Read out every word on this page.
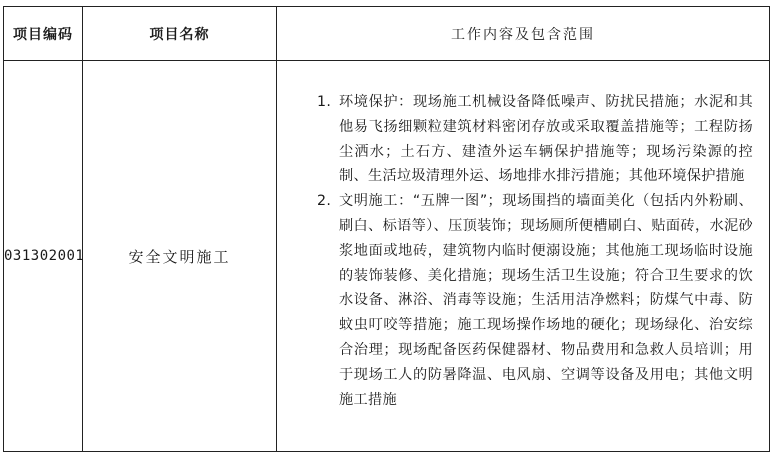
项目编码	项目名称	工作内容及包含范围
031302001	安全文明施工	1. 环境保护：现场施工机械设备降低噪声、防扰民措施；水泥和其他易飞扬细颗粒建筑材料密闭存放或采取覆盖措施等；工程防扬尘洒水；土石方、建渣外运车辆保护措施等；现场污染源的控制、生活垃圾清理外运、场地排水排污措施；其他环境保护措施

2. 文明施工：“五牌一图”；现场围挡的墙面美化（包括内外粉刷、刷白、标语等）、压顶装饰；现场厕所便槽刷白、贴面砖，水泥砂浆地面或地砖，建筑物内临时便溺设施；其他施工现场临时设施的装饰装修、美化措施；现场生活卫生设施；符合卫生要求的饮水设备、淋浴、消毒等设施；生活用洁净燃料；防煤气中毒、防蚊虫叮咬等措施；施工现场操作场地的硬化；现场绿化、治安综合治理；现场配备医药保健器材、物品费用和急救人员培训；用于现场工人的防暑降温、电风扇、空调等设备及用电；其他文明施工措施
